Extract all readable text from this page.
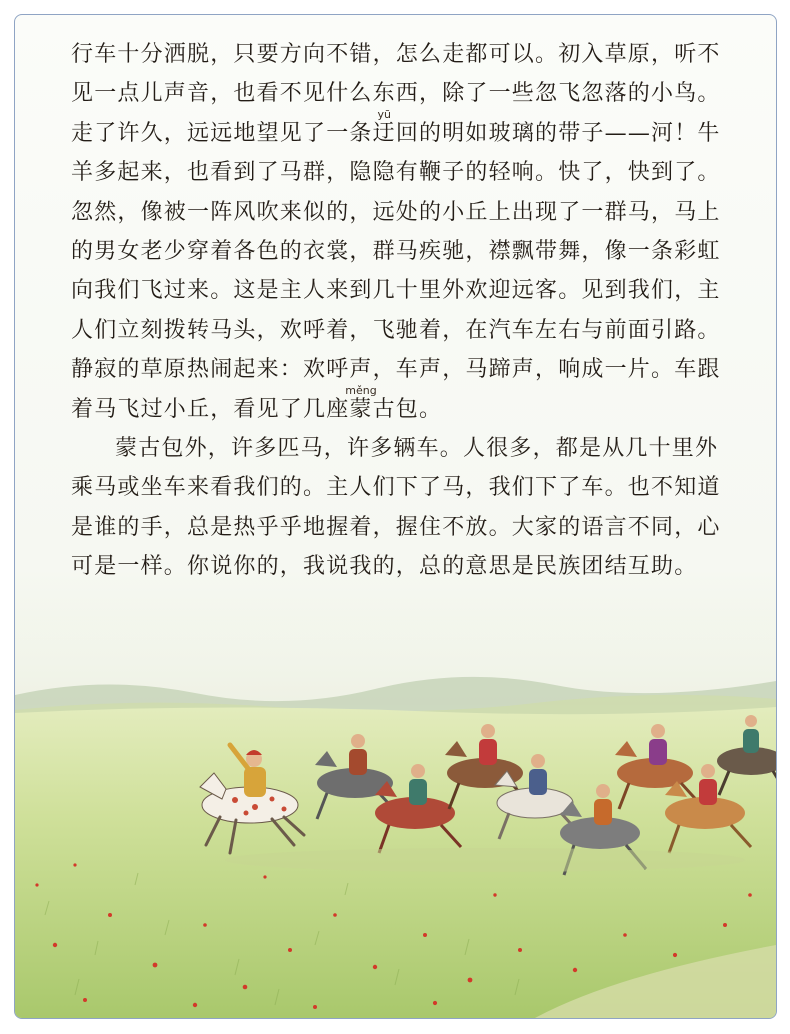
行车十分洒脱，只要方向不错，怎么走都可以。初入草原，听不见一点儿声音，也看不见什么东西，除了一些忽飞忽落的小鸟。走了许久，远远地望见了一条迂yū回的明如玻璃的带子——河！牛羊多起来，也看到了马群，隐隐有鞭子的轻响。快了，快到了。忽然，像被一阵风吹来似的，远处的小丘上出现了一群马，马上的男女老少穿着各色的衣裳，群马疾驰，襟飘带舞，像一条彩虹向我们飞过来。这是主人来到几十里外欢迎远客。见到我们，主人们立刻拨转马头，欢呼着，飞驰着，在汽车左右与前面引路。静寂的草原热闹起来：欢呼声，车声，马蹄声，响成一片。车跟着马飞过小丘，看见了几座蒙měng古包。

蒙古包外，许多匹马，许多辆车。人很多，都是从几十里外乘马或坐车来看我们的。主人们下了马，我们下了车。也不知道是谁的手，总是热乎乎地握着，握住不放。大家的语言不同，心可是一样。你说你的，我说我的，总的意思是民族团结互助。
